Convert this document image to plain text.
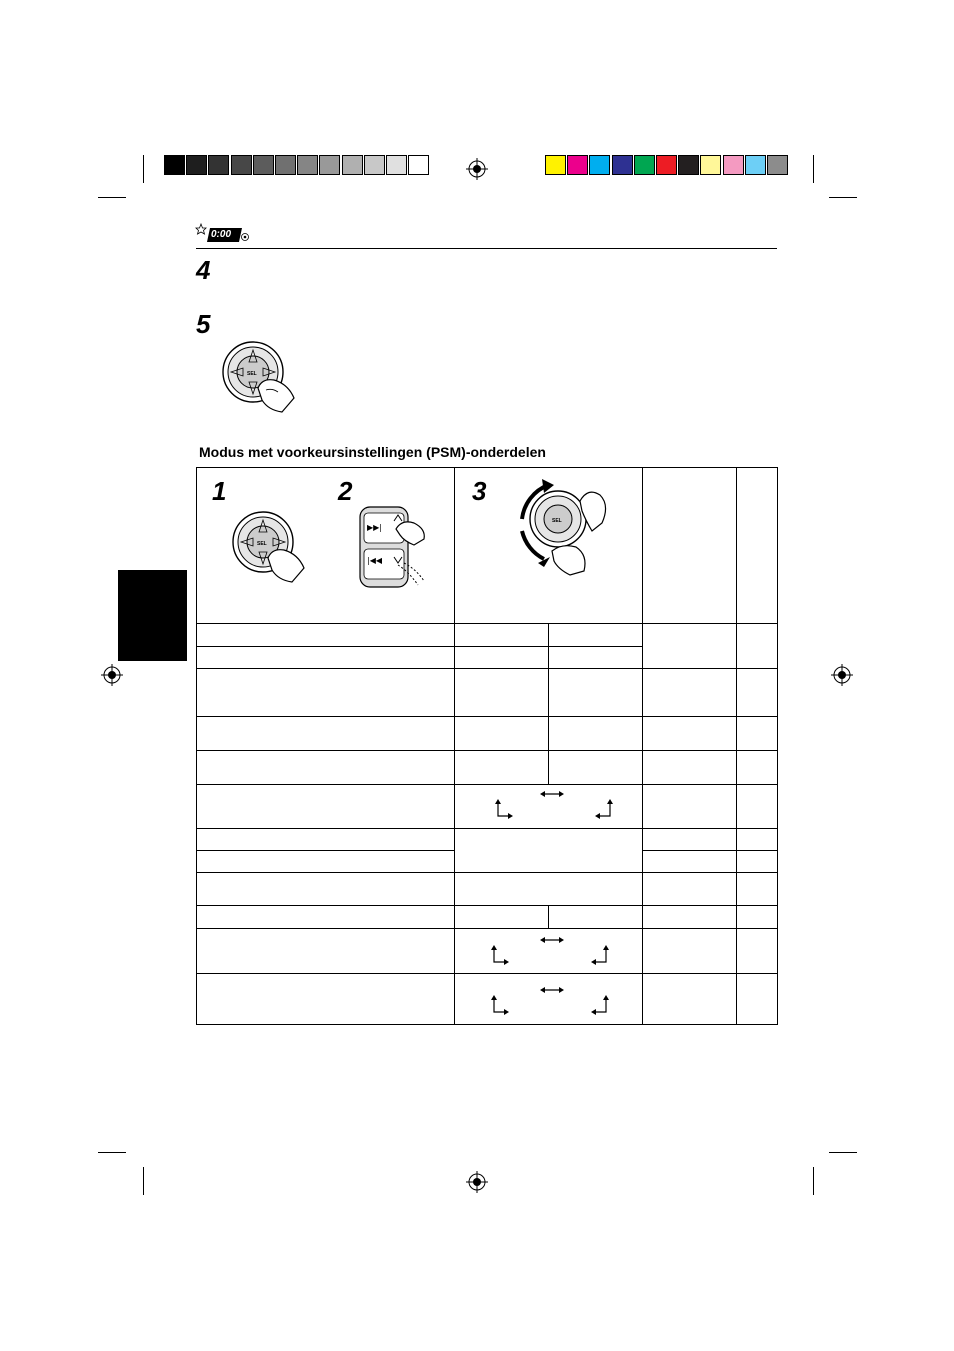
0:00
4
5
SEL
Modus met voorkeursinstellingen (PSM)-onderdelen
1	2	3
SEL
▶▶|
|◀◀
SEL
